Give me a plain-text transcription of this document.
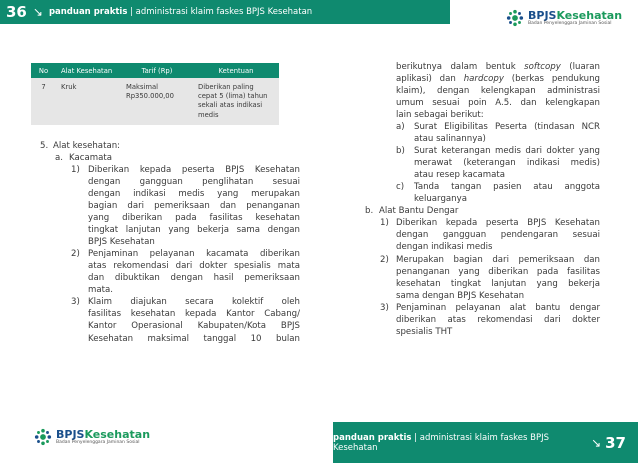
36 ↘ panduan praktis | administrasi klaim faskes BPJS Kesehatan	BPJSKesehatan
Badan Penyelenggara Jaminan Sosial
No	Alat Kesehatan	Tarif (Rp)	Ketentuan
7	Kruk	Maksimal Rp350.000,00	Diberikan paling cepat 5 (lima) tahun sekali atas indikasi medis
5. Alat kesehatan:
a. Kacamata
1) Diberikan kepada peserta BPJS Kesehatan
dengan gangguan penglihatan sesuai
dengan indikasi medis yang merupakan
bagian dari pemeriksaan dan penanganan
yang diberikan pada fasilitas kesehatan
tingkat lanjutan yang bekerja sama dengan
BPJS Kesehatan
2) Penjaminan pelayanan kacamata diberikan
atas rekomendasi dari dokter spesialis mata
dan dibuktikan dengan hasil pemeriksaan
mata.
3) Klaim diajukan secara kolektif oleh
fasilitas kesehatan kepada Kantor Cabang/
Kantor Operasional Kabupaten/Kota BPJS
Kesehatan maksimal tanggal 10 bulan
berikutnya dalam bentuk softcopy (luaran
aplikasi) dan hardcopy (berkas pendukung
klaim), dengan kelengkapan administrasi
umum sesuai poin A.5. dan kelengkapan
lain sebagai berikut:
a)	Surat Eligibilitas Peserta (tindasan NCR
atau salinannya)
b)	Surat keterangan medis dari dokter yang
merawat (keterangan indikasi medis)
atau resep kacamata
c)	Tanda tangan pasien atau anggota
keluarganya
b. Alat Bantu Dengar
1) Diberikan kepada peserta BPJS Kesehatan
dengan gangguan pendengaran sesuai
dengan indikasi medis
2) Merupakan bagian dari pemeriksaan dan
penanganan yang diberikan pada fasilitas
kesehatan tingkat lanjutan yang bekerja
sama dengan BPJS Kesehatan
3) Penjaminan pelayanan alat bantu dengar
diberikan atas rekomendasi dari dokter
spesialis THT
BPJSKesehatan
Badan Penyelenggara Jaminan Sosial	panduan praktis | administrasi klaim faskes BPJS Kesehatan	↘ 37
